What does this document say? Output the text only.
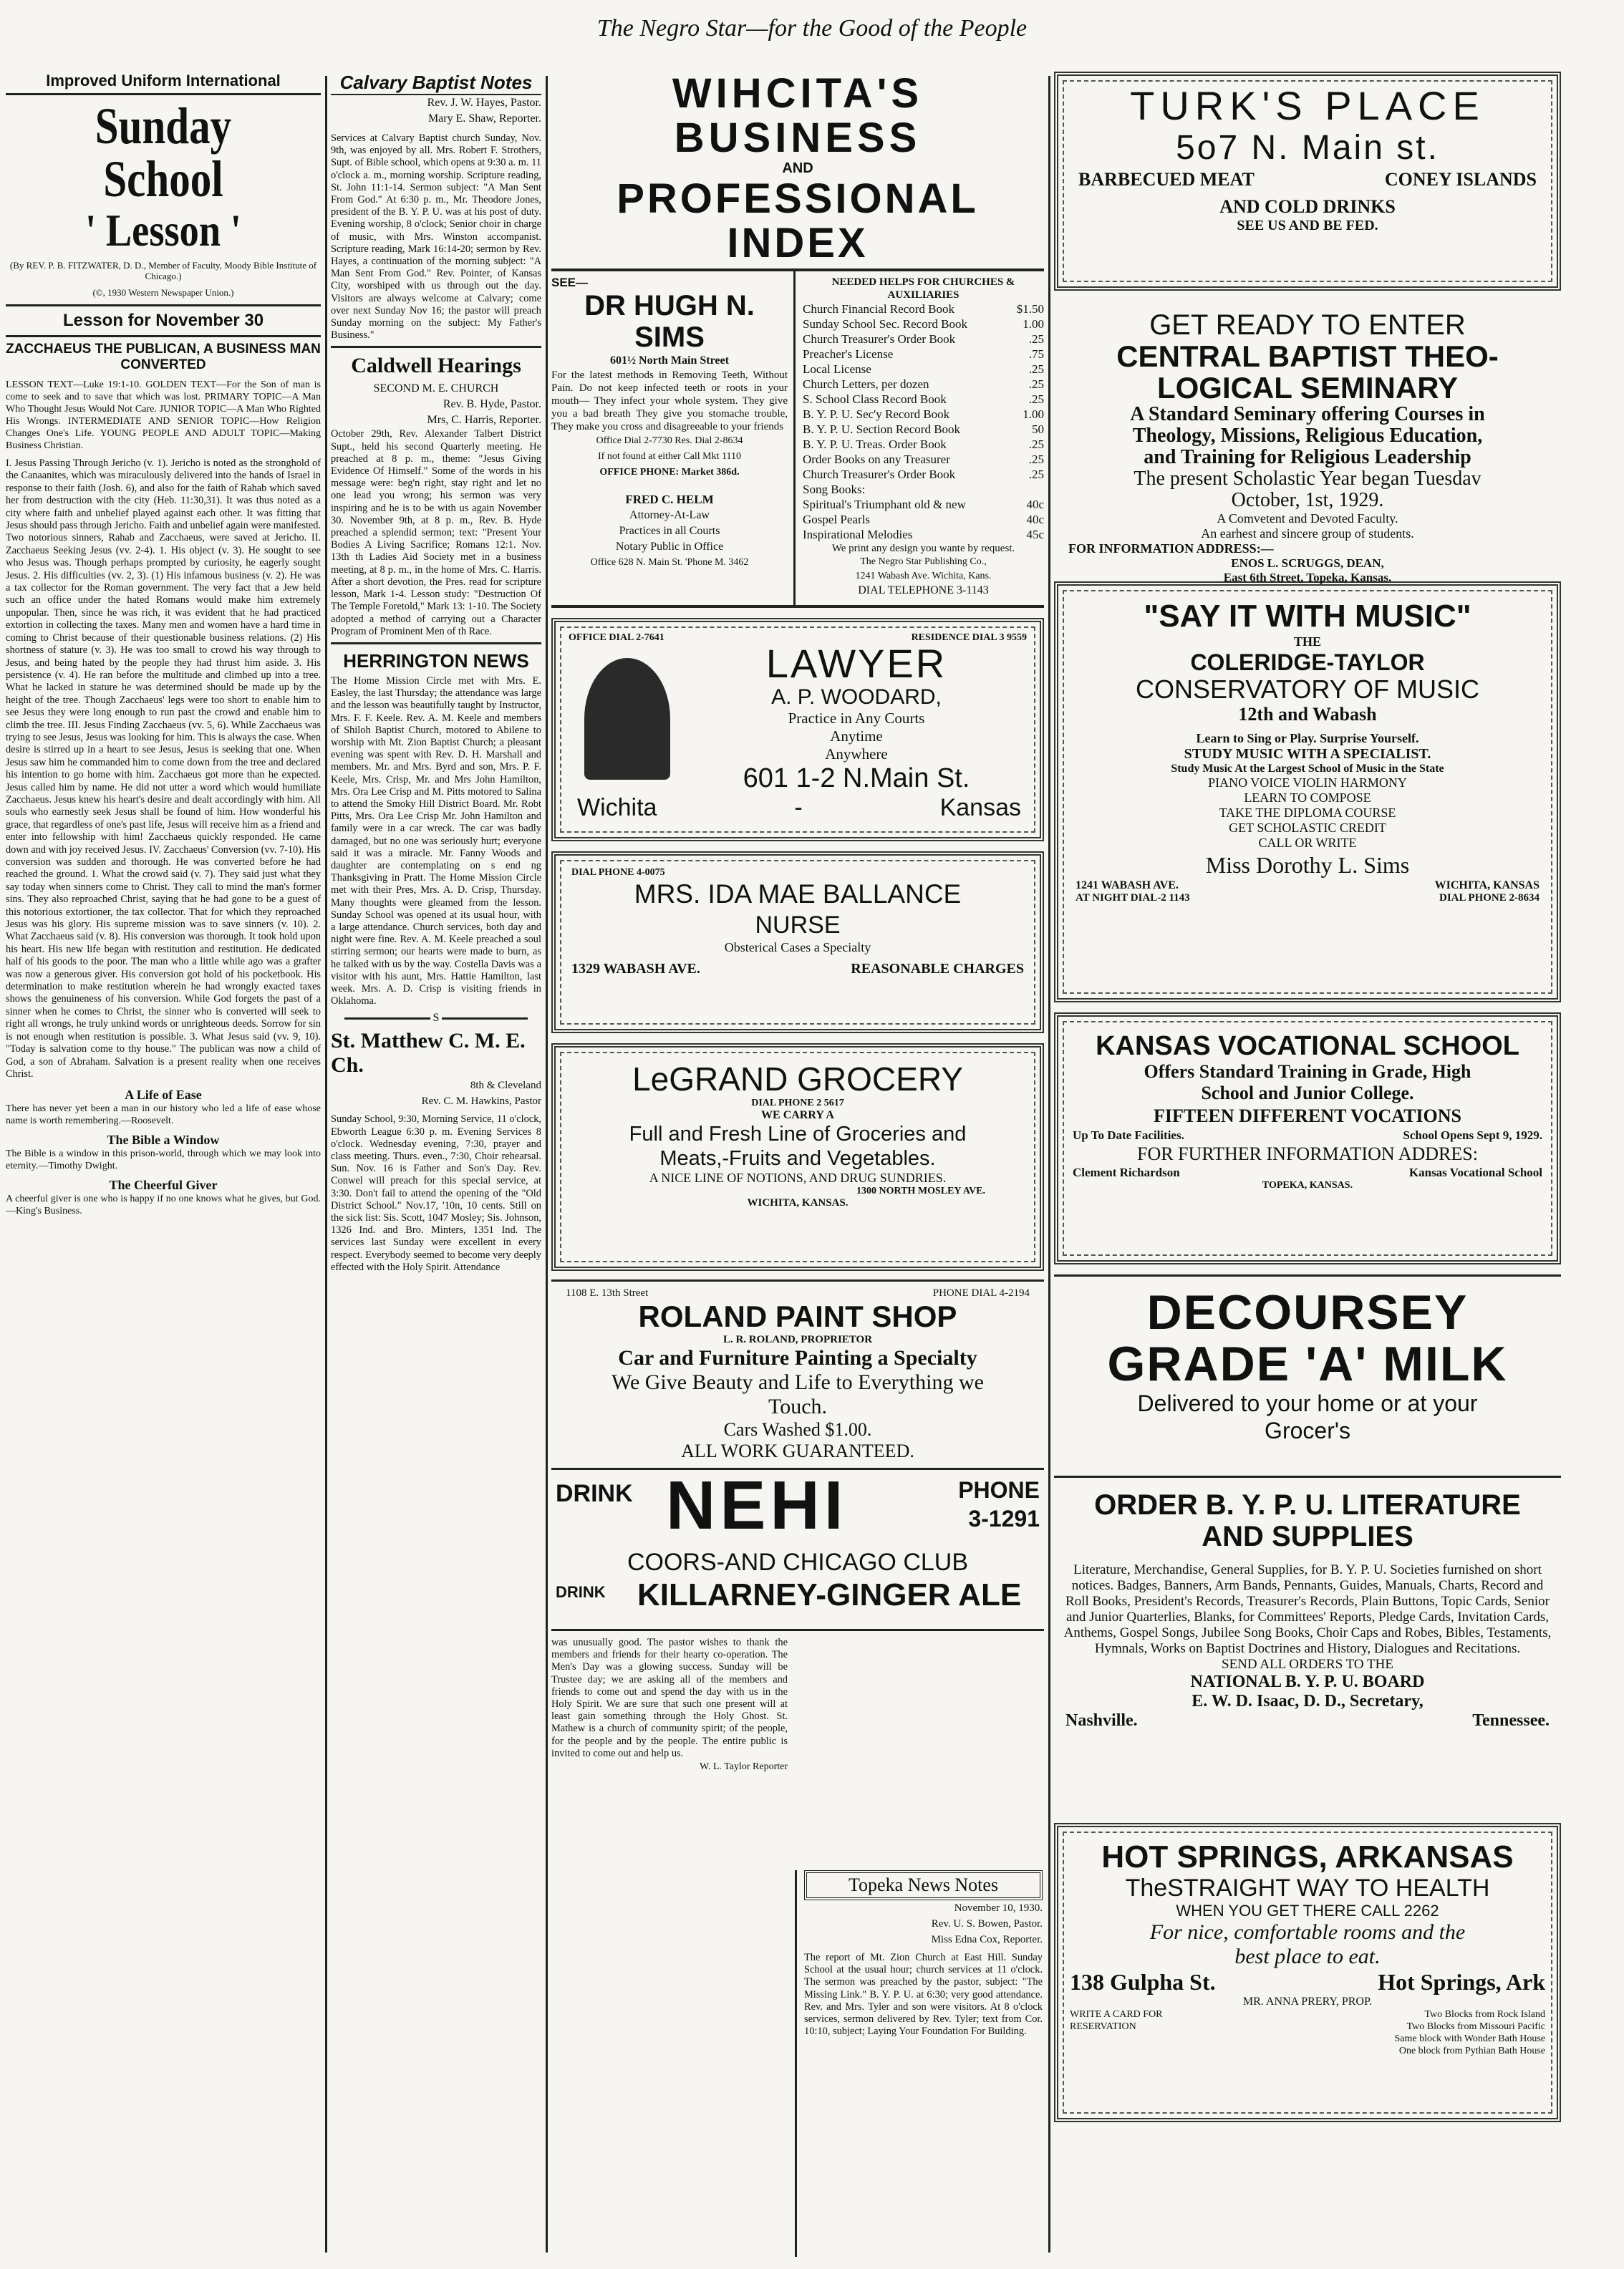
The Negro Star—for the Good of the People
Improved Uniform International
Sunday School
' Lesson '
(By REV. P. B. FITZWATER, D. D., Member of Faculty, Moody Bible Institute of Chicago.)
(©, 1930 Western Newspaper Union.)
Lesson for November 30
ZACCHAEUS THE PUBLICAN, A BUSINESS MAN CONVERTED
LESSON TEXT—Luke 19:1-10. GOLDEN TEXT—For the Son of man is come to seek and to save that which was lost. PRIMARY TOPIC—A Man Who Thought Jesus Would Not Care. JUNIOR TOPIC—A Man Who Righted His Wrongs. INTERMEDIATE AND SENIOR TOPIC—How Religion Changes One's Life. YOUNG PEOPLE AND ADULT TOPIC—Making Business Christian.
I. Jesus Passing Through Jericho (v. 1). Jericho is noted as the stronghold of the Canaanites, which was miraculously delivered into the hands of Israel in response to their faith (Josh. 6), and also for the faith of Rahab which saved her from destruction with the city (Heb. 11:30,31). It was thus noted as a city where faith and unbelief played against each other. It was fitting that Jesus should pass through Jericho. Faith and unbelief again were manifested. Two notorious sinners, Rahab and Zacchaeus, were saved at Jericho. II. Zacchaeus Seeking Jesus (vv. 2-4). 1. His object (v. 3). He sought to see who Jesus was. Though perhaps prompted by curiosity, he eagerly sought Jesus. 2. His difficulties (vv. 2, 3). (1) His infamous business (v. 2). He was a tax collector for the Roman government. The very fact that a Jew held such an office under the hated Romans would make him extremely unpopular. Then, since he was rich, it was evident that he had practiced extortion in collecting the taxes. Many men and women have a hard time in coming to Christ because of their questionable business relations. (2) His shortness of stature (v. 3). He was too small to crowd his way through to Jesus, and being hated by the people they had thrust him aside. 3. His persistence (v. 4). He ran before the multitude and climbed up into a tree. What he lacked in stature he was determined should be made up by the height of the tree. Though Zacchaeus' legs were too short to enable him to see Jesus they were long enough to run past the crowd and enable him to climb the tree. III. Jesus Finding Zacchaeus (vv. 5, 6). While Zacchaeus was trying to see Jesus, Jesus was looking for him. This is always the case. When desire is stirred up in a heart to see Jesus, Jesus is seeking that one. When Jesus saw him he commanded him to come down from the tree and declared his intention to go home with him. Zacchaeus got more than he expected. Jesus called him by name. He did not utter a word which would humiliate Zacchaeus. Jesus knew his heart's desire and dealt accordingly with him. All souls who earnestly seek Jesus shall be found of him. How wonderful his grace, that regardless of one's past life, Jesus will receive him as a friend and enter into fellowship with him! Zacchaeus quickly responded. He came down and with joy received Jesus. IV. Zacchaeus' Conversion (vv. 7-10). His conversion was sudden and thorough. He was converted before he had reached the ground. 1. What the crowd said (v. 7). They said just what they say today when sinners come to Christ. They call to mind the man's former sins. They also reproached Christ, saying that he had gone to be a guest of this notorious extortioner, the tax collector. That for which they reproached Jesus was his glory. His supreme mission was to save sinners (v. 10). 2. What Zacchaeus said (v. 8). His conversion was thorough. It took hold upon his heart. His new life began with restitution and restitution. He dedicated half of his goods to the poor. The man who a little while ago was a grafter was now a generous giver. His conversion got hold of his pocketbook. His determination to make restitution wherein he had wrongly exacted taxes shows the genuineness of his conversion. While God forgets the past of a sinner when he comes to Christ, the sinner who is converted will seek to right all wrongs, he truly unkind words or unrighteous deeds. Sorrow for sin is not enough when restitution is possible. 3. What Jesus said (vv. 9, 10). "Today is salvation come to thy house." The publican was now a child of God, a son of Abraham. Salvation is a present reality when one receives Christ.
A Life of Ease
There has never yet been a man in our history who led a life of ease whose name is worth remembering.—Roosevelt.
The Bible a Window
The Bible is a window in this prison-world, through which we may look into eternity.—Timothy Dwight.
The Cheerful Giver
A cheerful giver is one who is happy if no one knows what he gives, but God.—King's Business.
Calvary Baptist Notes
Rev. J. W. Hayes, Pastor.
Mary E. Shaw, Reporter.
Services at Calvary Baptist church Sunday, Nov. 9th, was enjoyed by all. Mrs. Robert F. Strothers, Supt. of Bible school, which opens at 9:30 a. m. 11 o'clock a. m., morning worship. Scripture reading, St. John 11:1-14. Sermon subject: "A Man Sent From God." At 6:30 p. m., Mr. Theodore Jones, president of the B. Y. P. U. was at his post of duty. Evening worship, 8 o'clock; Senior choir in charge of music, with Mrs. Winston accompanist. Scripture reading, Mark 16:14-20; sermon by Rev. Hayes, a continuation of the morning subject: "A Man Sent From God." Rev. Pointer, of Kansas City, worshiped with us through out the day. Visitors are always welcome at Calvary; come over next Sunday Nov 16; the pastor will preach Sunday morning on the subject: My Father's Business."
Caldwell Hearings
SECOND M. E. CHURCH
Rev. B. Hyde, Pastor.
Mrs, C. Harris, Reporter.
October 29th, Rev. Alexander Talbert District Supt., held his second Quarterly meeting. He preached at 8 p. m., theme: "Jesus Giving Evidence Of Himself." Some of the words in his message were: beg'n right, stay right and let no one lead you wrong; his sermon was very inspiring and he is to be with us again November 30. November 9th, at 8 p. m., Rev. B. Hyde preached a splendid sermon; text: "Present Your Bodies A Living Sacrifice; Romans 12:1. Nov. 13th th Ladies Aid Society met in a business meeting, at 8 p. m., in the home of Mrs. C. Harris. After a short devotion, the Pres. read for scripture lesson, Mark 1-4. Lesson study: "Destruction Of The Temple Foretold," Mark 13: 1-10. The Society adopted a method of carrying out a Character Program of Prominent Men of th Race.
HERRINGTON NEWS
The Home Mission Circle met with Mrs. E. Easley, the last Thursday; the attendance was large and the lesson was beautifully taught by Instructor, Mrs. F. F. Keele. Rev. A. M. Keele and members of Shiloh Baptist Church, motored to Abilene to worship with Mt. Zion Baptist Church; a pleasant evening was spent with Rev. D. H. Marshall and members. Mr. and Mrs. Byrd and son, Mrs. P. F. Keele, Mrs. Crisp, Mr. and Mrs John Hamilton, Mrs. Ora Lee Crisp and M. Pitts motored to Salina to attend the Smoky Hill District Board. Mr. Robt Pitts, Mrs. Ora Lee Crisp Mr. John Hamilton and family were in a car wreck. The car was badly damaged, but no one was seriously hurt; everyone said it was a miracle. Mr. Fanny Woods and daughter are contemplating on s end ng Thanksgiving in Pratt. The Home Mission Circle met with their Pres, Mrs. A. D. Crisp, Thursday. Many thoughts were gleamed from the lesson. Sunday School was opened at its usual hour, with a large attendance. Church services, both day and night were fine. Rev. A. M. Keele preached a soul stirring sermon; our hearts were made to burn, as he talked with us by the way. Costella Davis was a visitor with his aunt, Mrs. Hattie Hamilton, last week. Mrs. A. D. Crisp is visiting friends in Oklahoma.
S
St. Matthew C. M. E. Ch.
8th & Cleveland
Rev. C. M. Hawkins, Pastor
Sunday School, 9:30, Morning Service, 11 o'clock, Ebworth League 6:30 p. m. Evening Services 8 o'clock. Wednesday evening, 7:30, prayer and class meeting. Thurs. even., 7:30, Choir rehearsal. Sun. Nov. 16 is Father and Son's Day. Rev. Conwel will preach for this special service, at 3:30. Don't fail to attend the opening of the "Old District School." Nov.17, '10n, 10 cents. Still on the sick list: Sis. Scott, 1047 Mosley; Sis. Johnson, 1326 Ind. and Bro. Minters, 1351 Ind. The services last Sunday were excellent in every respect. Everybody seemed to become very deeply effected with the Holy Spirit. Attendance
WIHCITA'S BUSINESS
AND
PROFESSIONAL INDEX
SEE—
DR HUGH N. SIMS
601½ North Main Street
For the latest methods in Removing Teeth, Without Pain. Do not keep infected teeth or roots in your mouth— They infect your whole system. They give you a bad breath They give you stomache trouble, They make you cross and disagreeable to your friends
Office Dial 2-7730 Res. Dial 2-8634
If not found at either Call Mkt 1110
OFFICE PHONE: Market 386d.
FRED C. HELM
Attorney-At-Law
Practices in all Courts
Notary Public in Office
Office 628 N. Main St. 'Phone M. 3462
NEEDED HELPS FOR CHURCHES & AUXILIARIES
Church Financial Record Book	$1.50
Sunday School Sec. Record Book	1.00
Church Treasurer's Order Book	.25
Preacher's License	.75
Local License	.25
Church Letters, per dozen	.25
S. School Class Record Book	.25
B. Y. P. U. Sec'y Record Book	1.00
B. Y. P. U. Section Record Book	50
B. Y. P. U. Treas. Order Book	.25
Order Books on any Treasurer	.25
Church Treasurer's Order Book	.25
Song Books:
Spiritual's Triumphant old & new	40c
Gospel Pearls	40c
Inspirational Melodies	45c
We print any design you wante by request.
The Negro Star Publishing Co.,
1241 Wabash Ave. Wichita, Kans.
DIAL TELEPHONE 3-1143
OFFICE DIAL 2-7641	RESIDENCE DIAL 3 9559
LAWYER
A. P. WOODARD,
Practice in Any Courts
Anytime
Anywhere
601 1-2 N.Main St.
Wichita	-	Kansas
DIAL PHONE 4-0075
MRS. IDA MAE BALLANCE
NURSE
Obsterical Cases a Specialty
1329 WABASH AVE.	REASONABLE CHARGES
LeGRAND GROCERY
DIAL PHONE 2 5617
WE CARRY A
Full and Fresh Line of Groceries and
Meats,-Fruits and Vegetables.
A NICE LINE OF NOTIONS, AND DRUG SUNDRIES.
1300 NORTH MOSLEY AVE.
WICHITA, KANSAS.
1108 E. 13th Street	PHONE DIAL 4-2194
ROLAND PAINT SHOP
L. R. ROLAND, PROPRIETOR
Car and Furniture Painting a Specialty
We Give Beauty and Life to Everything we Touch.
Cars Washed $1.00.
ALL WORK GUARANTEED.
DRINK NEHI	PHONE
3-1291
COORS-AND CHICAGO CLUB
DRINK KILLARNEY-GINGER ALE
was unusually good. The pastor wishes to thank the members and friends for their hearty co-operation. The Men's Day was a glowing success. Sunday will be Trustee day; we are asking all of the members and friends to come out and spend the day with us in the Holy Spirit. We are sure that such one present will at least gain something through the Holy Ghost. St. Mathew is a church of community spirit; of the people, for the people and by the people. The entire public is invited to come out and help us.
W. L. Taylor Reporter
Topeka News Notes
November 10, 1930.
Rev. U. S. Bowen, Pastor.
Miss Edna Cox, Reporter.
The report of Mt. Zion Church at East Hill. Sunday School at the usual hour; church services at 11 o'clock. The sermon was preached by the pastor, subject: "The Missing Link." B. Y. P. U. at 6:30; very good attendance. Rev. and Mrs. Tyler and son were visitors. At 8 o'clock services, sermon delivered by Rev. Tyler; text from Cor. 10:10, subject; Laying Your Foundation For Building.
TURK'S PLACE
5o7 N. Main st.
BARBECUED MEAT	CONEY ISLANDS
AND COLD DRINKS
SEE US AND BE FED.
GET READY TO ENTER
CENTRAL BAPTIST THEO-
LOGICAL SEMINARY
A Standard Seminary offering Courses in
Theology, Missions, Religious Education,
and Training for Religious Leadership
The present Scholastic Year began Tuesdav
October, 1st, 1929.
A Comvetent and Devoted Faculty.
An earhest and sincere group of students.
FOR INFORMATION ADDRESS:—
ENOS L. SCRUGGS, DEAN,
East 6th Street, Topeka, Kansas.
"SAY IT WITH MUSIC"
THE
COLERIDGE-TAYLOR
CONSERVATORY OF MUSIC
12th and Wabash
Learn to Sing or Play. Surprise Yourself.
STUDY MUSIC WITH A SPECIALIST.
Study Music At the Largest School of Music in the State
PIANO VOICE VIOLIN HARMONY
LEARN TO COMPOSE
TAKE THE DIPLOMA COURSE
GET SCHOLASTIC CREDIT
CALL OR WRITE
Miss Dorothy L. Sims
1241 WABASH AVE.	WICHITA, KANSAS
AT NIGHT DIAL-2 1143	DIAL PHONE 2-8634
KANSAS VOCATIONAL SCHOOL
Offers Standard Training in Grade, High
School and Junior College.
FIFTEEN DIFFERENT VOCATIONS
Up To Date Facilities.	School Opens Sept 9, 1929.
FOR FURTHER INFORMATION ADDRES:
Clement Richardson	Kansas Vocational School
TOPEKA, KANSAS.
DECOURSEY
GRADE 'A' MILK
Delivered to your home or at your
Grocer's
ORDER B. Y. P. U. LITERATURE
AND SUPPLIES
Literature, Merchandise, General Supplies, for B. Y. P. U. Societies furnished on short notices. Badges, Banners, Arm Bands, Pennants, Guides, Manuals, Charts, Record and Roll Books, President's Records, Treasurer's Records, Plain Buttons, Topic Cards, Senior and Junior Quarterlies, Blanks, for Committees' Reports, Pledge Cards, Invitation Cards, Anthems, Gospel Songs, Jubilee Song Books, Choir Caps and Robes, Bibles, Testaments, Hymnals, Works on Baptist Doctrines and History, Dialogues and Recitations.
SEND ALL ORDERS TO THE
NATIONAL B. Y. P. U. BOARD
E. W. D. Isaac, D. D., Secretary,
Nashville.	Tennessee.
HOT SPRINGS, ARKANSAS
TheSTRAIGHT WAY TO HEALTH
WHEN YOU GET THERE CALL 2262
For nice, comfortable rooms and the
best place to eat.
138 Gulpha St.	Hot Springs, Ark
MR. ANNA PRERY, PROP.
WRITE A CARD FOR RESERVATION
Two Blocks from Rock Island
Two Blocks from Missouri Pacific
Same block with Wonder Bath House
One block from Pythian Bath House
